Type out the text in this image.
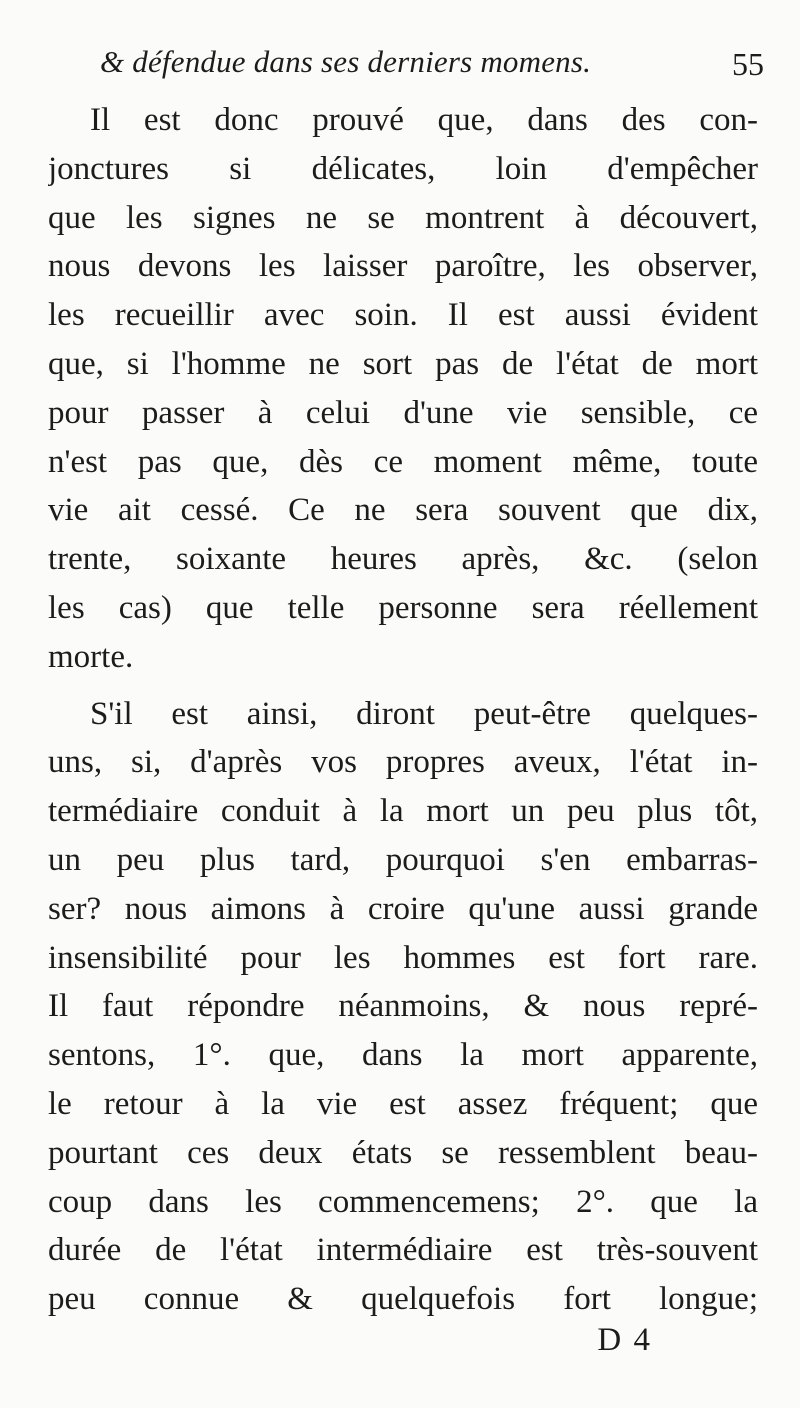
& défendue dans ses derniers momens.	55
Il est donc prouvé que, dans des con-
jonctures si délicates, loin d'empêcher
que les signes ne se montrent à découvert,
nous devons les laisser paroître, les observer,
les recueillir avec soin. Il est aussi évident
que, si l'homme ne sort pas de l'état de mort
pour passer à celui d'une vie sensible, ce
n'est pas que, dès ce moment même, toute
vie ait cessé. Ce ne sera souvent que dix,
trente, soixante heures après, &c. (selon
les cas) que telle personne sera réellement
morte.
S'il est ainsi, diront peut-être quelques-
uns, si, d'après vos propres aveux, l'état in-
termédiaire conduit à la mort un peu plus tôt,
un peu plus tard, pourquoi s'en embarras-
ser? nous aimons à croire qu'une aussi grande
insensibilité pour les hommes est fort rare.
Il faut répondre néanmoins, & nous repré-
sentons, 1°. que, dans la mort apparente,
le retour à la vie est assez fréquent; que
pourtant ces deux états se ressemblent beau-
coup dans les commencemens; 2°. que la
durée de l'état intermédiaire est très-souvent
peu connue & quelquefois fort longue;
D 4
